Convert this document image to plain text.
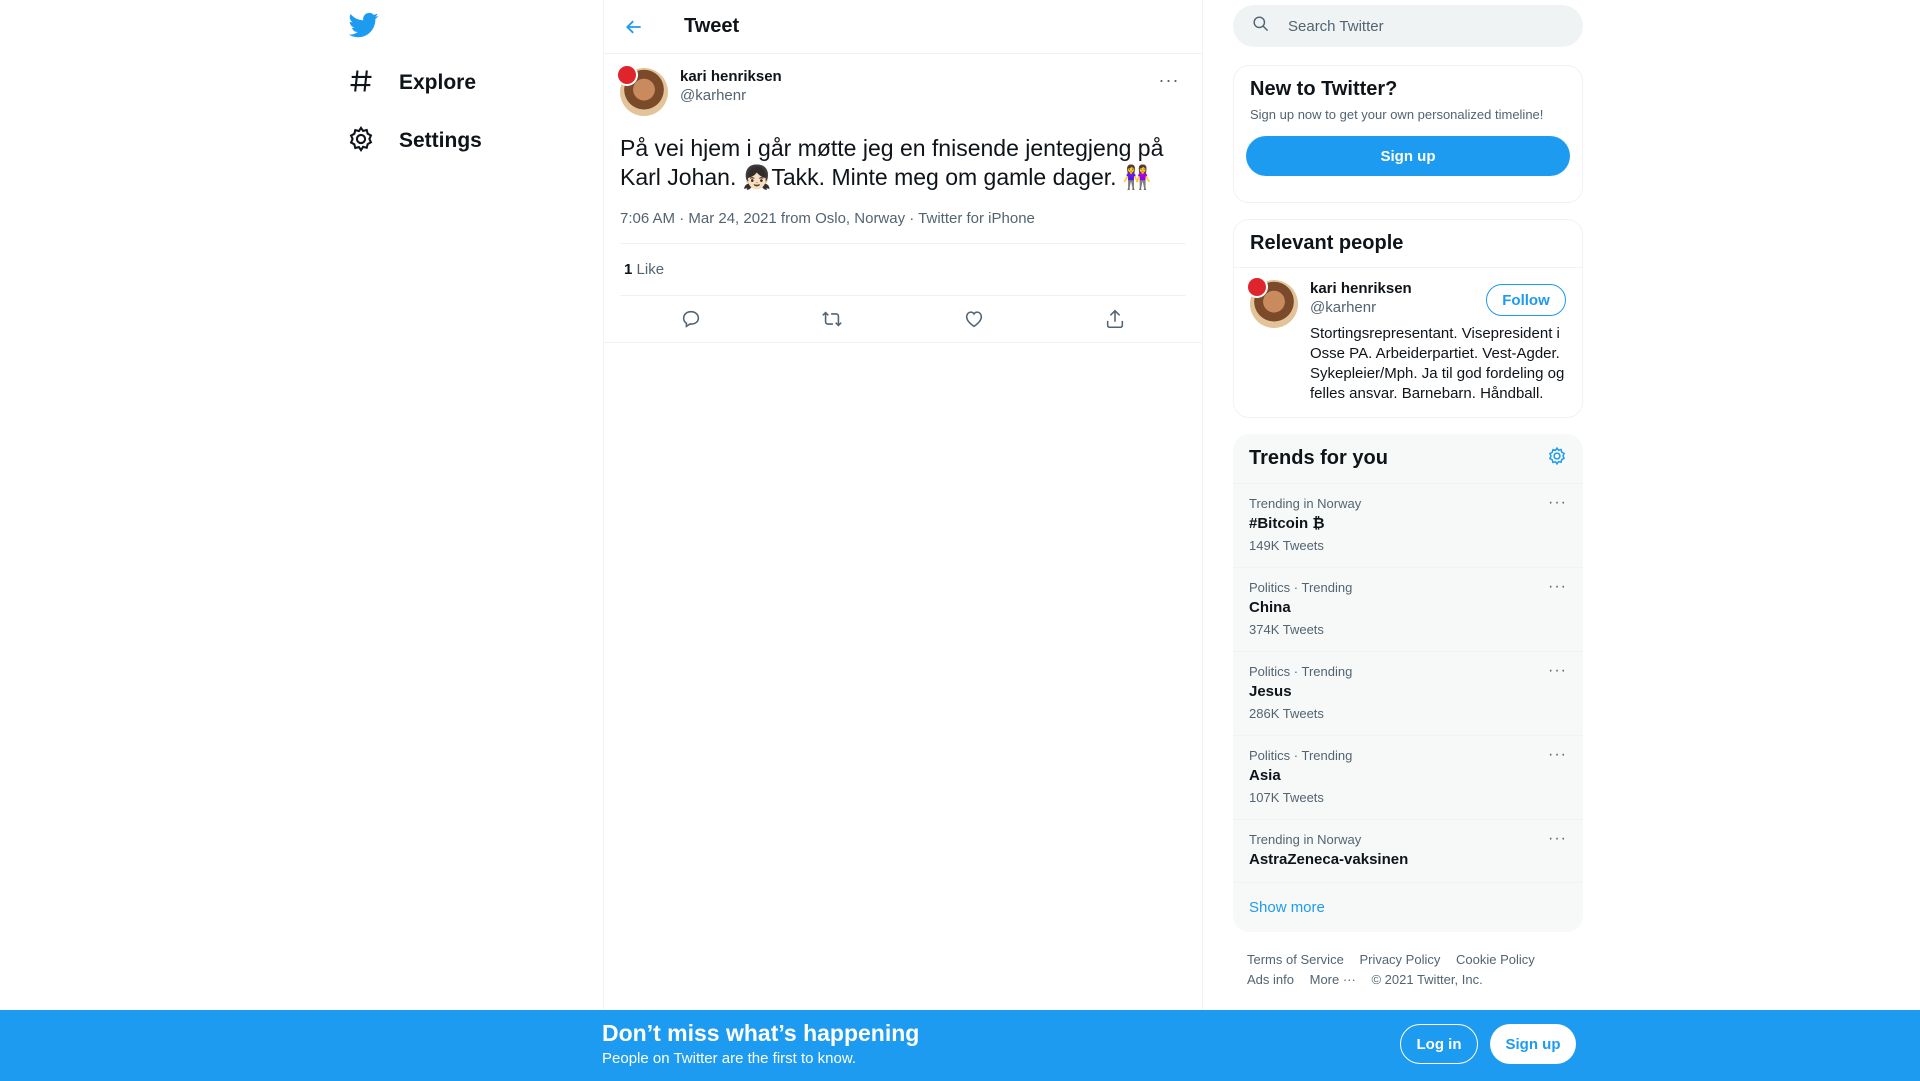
Explore
Settings
Tweet
kari henriksen
@karhenr
···
På vei hjem i går møtte jeg en fnisende jentegjeng på
Karl Johan. 👧🏻Takk. Minte meg om gamle dager. 👭
7:06 AM · Mar 24, 2021 from Oslo, Norway · Twitter for iPhone
1 Like
Search Twitter
New to Twitter?
Sign up now to get your own personalized timeline!
Sign up
Relevant people
kari henriksen
@karhenr
Stortingsrepresentant. Visepresident i Osse PA. Arbeiderpartiet. Vest-Agder. Sykepleier/Mph. Ja til god fordeling og felles ansvar. Barnebarn. Håndball.
Follow
Trends for you
Trending in Norway
#Bitcoin ₿
149K Tweets
···
Politics · Trending
China
374K Tweets
···
Politics · Trending
Jesus
286K Tweets
···
Politics · Trending
Asia
107K Tweets
···
Trending in Norway
AstraZeneca-vaksinen
···
Show more
Terms of Service Privacy Policy Cookie Policy
Ads info More ··· © 2021 Twitter, Inc.
Don’t miss what’s happening
People on Twitter are the first to know.
Log in	Sign up
